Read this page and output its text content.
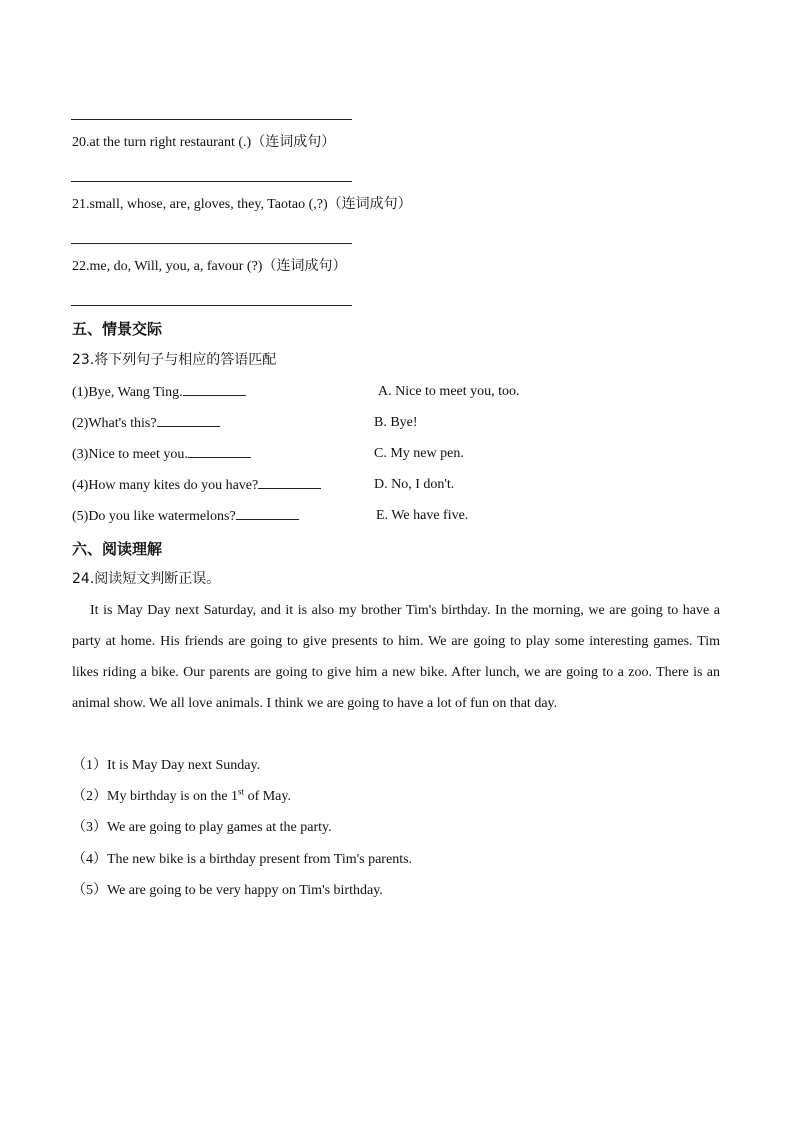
20.at the turn right restaurant (.)（连词成句）
21.small, whose, are, gloves, they, Taotao (,?)（连词成句）
22.me, do, Will, you, a, favour (?)（连词成句）
五、情景交际
23.将下列句子与相应的答语匹配
(1)Bye, Wang Ting.	A. Nice to meet you, too.
(2)What's this?	B. Bye!
(3)Nice to meet you.	C. My new pen.
(4)How many kites do you have?	D. No, I don't.
(5)Do you like watermelons?	E. We have five.
六、阅读理解
24.阅读短文判断正误。
It is May Day next Saturday, and it is also my brother Tim's birthday. In the morning, we are going to have a party at home. His friends are going to give presents to him. We are going to play some interesting games. Tim likes riding a bike. Our parents are going to give him a new bike. After lunch, we are going to a zoo. There is an animal show. We all love animals. I think we are going to have a lot of fun on that day.
（1）It is May Day next Sunday.
（2）My birthday is on the 1st of May.
（3）We are going to play games at the party.
（4）The new bike is a birthday present from Tim's parents.
（5）We are going to be very happy on Tim's birthday.
